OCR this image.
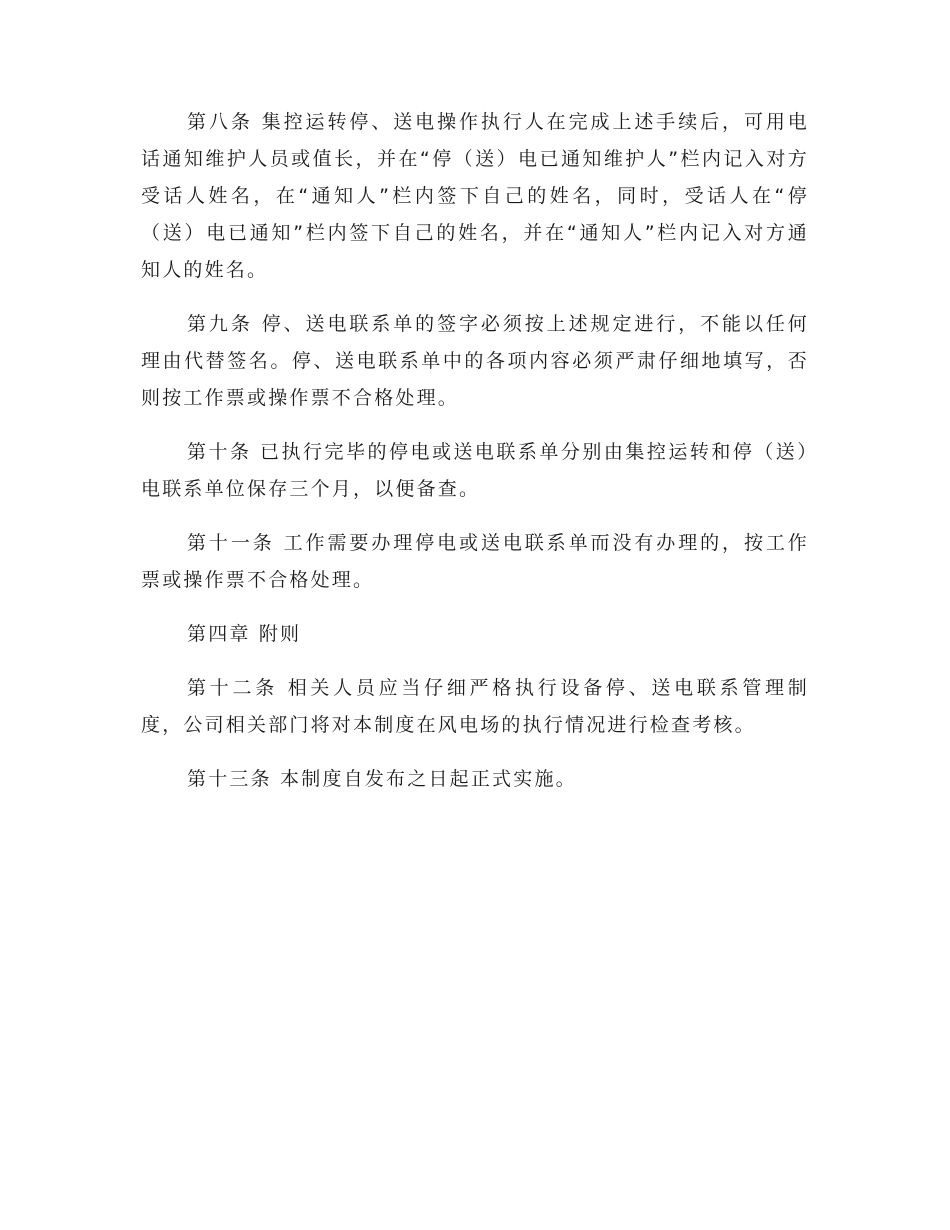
第八条 集控运转停、送电操作执行人在完成上述手续后，可用电话通知维护人员或值长，并在“停（送）电已通知维护人”栏内记入对方受话人姓名，在“通知人”栏内签下自己的姓名，同时，受话人在“停（送）电已通知”栏内签下自己的姓名，并在“通知人”栏内记入对方通知人的姓名。

第九条 停、送电联系单的签字必须按上述规定进行，不能以任何理由代替签名。停、送电联系单中的各项内容必须严肃仔细地填写，否则按工作票或操作票不合格处理。

第十条 已执行完毕的停电或送电联系单分别由集控运转和停（送）电联系单位保存三个月，以便备查。

第十一条 工作需要办理停电或送电联系单而没有办理的，按工作票或操作票不合格处理。

第四章 附则

第十二条 相关人员应当仔细严格执行设备停、送电联系管理制度，公司相关部门将对本制度在风电场的执行情况进行检查考核。

第十三条 本制度自发布之日起正式实施。
